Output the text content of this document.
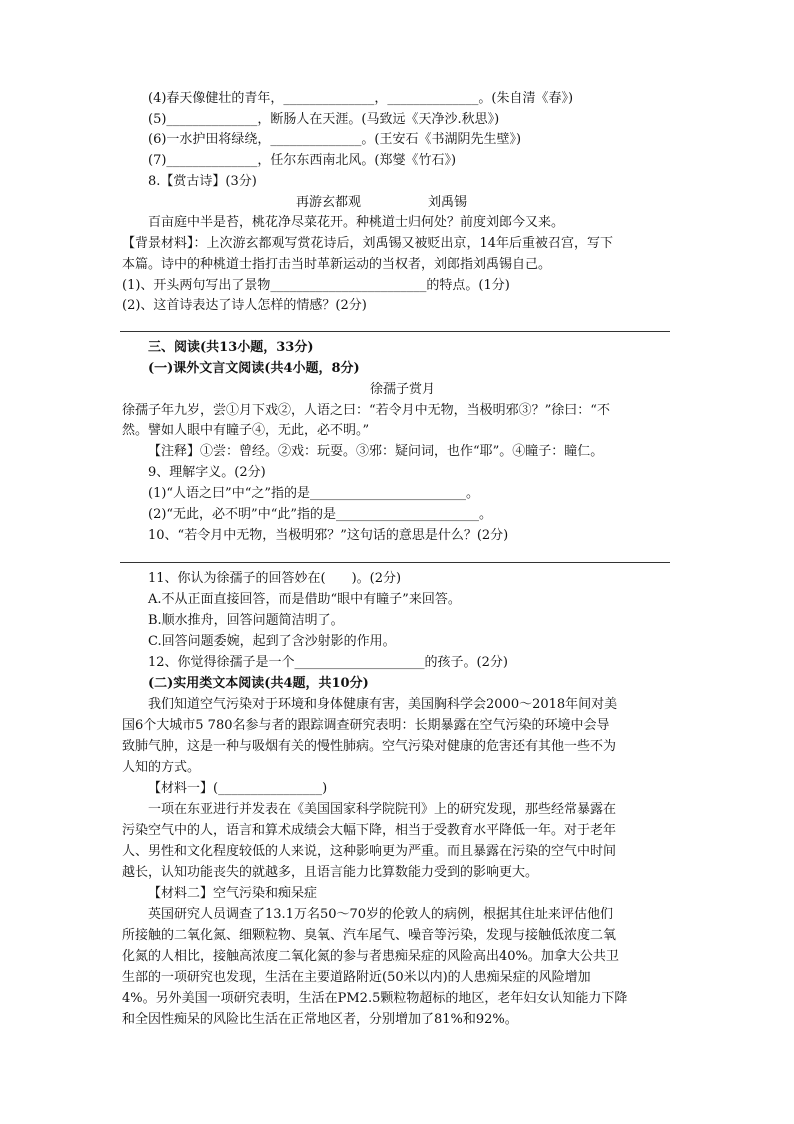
(4)春天像健壮的青年，______________，______________。(朱自清《春》)
(5)______________，断肠人在天涯。(马致远《天净沙.秋思》)
(6)一水护田将绿绕，______________。(王安石《书湖阴先生壁》)
(7)______________，任尔东西南北风。(郑燮《竹石》)
8.【赏古诗】(3分)
再游玄都观	刘禹锡
百亩庭中半是苔，桃花净尽菜花开。种桃道士归何处？前度刘郎今又来。
【背景材料】：上次游玄都观写赏花诗后，刘禹锡又被贬出京，14年后重被召宫，写下
本篇。诗中的种桃道士指打击当时革新运动的当权者，刘郎指刘禹锡自己。
(1)、开头两句写出了景物________________________的特点。(1分)
(2)、这首诗表达了诗人怎样的情感？(2分)
三、阅读(共13小题，33分)
(一)课外文言文阅读(共4小题，8分)
徐孺子赏月
徐孺子年九岁，尝①月下戏②，人语之曰：“若令月中无物，当极明邪③？”徐曰：“不
然。譬如人眼中有瞳子④，无此，必不明。”
【注释】①尝：曾经。②戏：玩耍。③邪：疑问词，也作“耶”。④瞳子：瞳仁。
9、理解字义。(2分)
(1)“人语之曰”中“之”指的是________________________。
(2)“无此，必不明”中“此”指的是______________________。
10、“若令月中无物，当极明邪？”这句话的意思是什么？(2分)
11、你认为徐孺子的回答妙在(　　)。(2分)
A.不从正面直接回答，而是借助“眼中有瞳子”来回答。
B.顺水推舟，回答问题简洁明了。
C.回答问题委婉，起到了含沙射影的作用。
12、你觉得徐孺子是一个____________________的孩子。(2分)
(二)实用类文本阅读(共4题，共10分)
我们知道空气污染对于环境和身体健康有害，美国胸科学会2000～2018年间对美
国6个大城市5 780名参与者的跟踪调查研究表明：长期暴露在空气污染的环境中会导
致肺气肿，这是一种与吸烟有关的慢性肺病。空气污染对健康的危害还有其他一些不为
人知的方式。
【材料一】(________________)
一项在东亚进行并发表在《美国国家科学院院刊》上的研究发现，那些经常暴露在
污染空气中的人，语言和算术成绩会大幅下降，相当于受教育水平降低一年。对于老年
人、男性和文化程度较低的人来说，这种影响更为严重。而且暴露在污染的空气中时间
越长，认知功能丧失的就越多，且语言能力比算数能力受到的影响更大。
【材料二】空气污染和痴呆症
英国研究人员调查了13.1万名50～70岁的伦敦人的病例，根据其住址来评估他们
所接触的二氧化氮、细颗粒物、臭氧、汽车尾气、噪音等污染，发现与接触低浓度二氧
化氮的人相比，接触高浓度二氧化氮的参与者患痴呆症的风险高出40%。加拿大公共卫
生部的一项研究也发现，生活在主要道路附近(50米以内)的人患痴呆症的风险增加
4%。另外美国一项研究表明，生活在PM2.5颗粒物超标的地区，老年妇女认知能力下降
和全因性痴呆的风险比生活在正常地区者，分别增加了81%和92%。
